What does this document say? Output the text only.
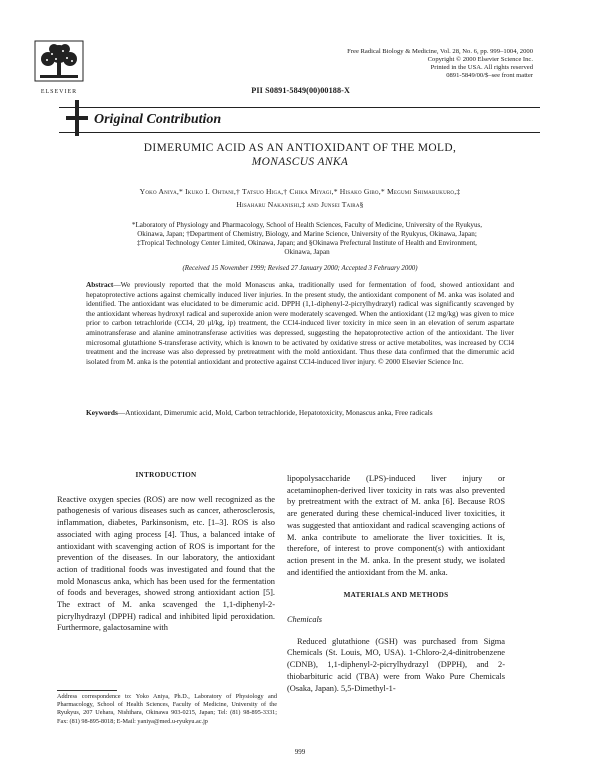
ELSEVIER
Free Radical Biology & Medicine, Vol. 28, No. 6, pp. 999–1004, 2000
Copyright © 2000 Elsevier Science Inc.
Printed in the USA. All rights reserved
0891-5849/00/$–see front matter
PII S0891-5849(00)00188-X
Original Contribution
DIMERUMIC ACID AS AN ANTIOXIDANT OF THE MOLD,
MONASCUS ANKA
Yoko Aniya,* Ikuko I. Ohtani,† Tatsuo Higa,† Chika Miyagi,* Hisako Gibo,* Megumi Shimabukuro,‡
Hisaharu Nakanishi,‡ and Junsei Taira§
*Laboratory of Physiology and Pharmacology, School of Health Sciences, Faculty of Medicine, University of the Ryukyus,
Okinawa, Japan; †Department of Chemistry, Biology, and Marine Science, University of the Ryukyus, Okinawa, Japan;
‡Tropical Technology Center Limited, Okinawa, Japan; and §Okinawa Prefectural Institute of Health and Environment,
Okinawa, Japan
(Received 15 November 1999; Revised 27 January 2000; Accepted 3 February 2000)
Abstract—We previously reported that the mold Monascus anka, traditionally used for fermentation of food, showed antioxidant and hepatoprotective actions against chemically induced liver injuries. In the present study, the antioxidant component of M. anka was isolated and identified. The antioxidant was elucidated to be dimerumic acid. DPPH (1,1-diphenyl-2-picrylhydrazyl) radical was significantly scavenged by the antioxidant whereas hydroxyl radical and superoxide anion were moderately scavenged. When the antioxidant (12 mg/kg) was given to mice prior to carbon tetrachloride (CCl4, 20 μl/kg, ip) treatment, the CCl4-induced liver toxicity in mice seen in an elevation of serum aspartate aminotransferase and alanine aminotransferase activities was depressed, suggesting the hepatoprotective action of the antioxidant. The liver microsomal glutathione S-transferase activity, which is known to be activated by oxidative stress or active metabolites, was increased by CCl4 treatment and the increase was also depressed by pretreatment with the mold antioxidant. Thus these data confirmed that the dimerumic acid isolated from M. anka is the potential antioxidant and protective against CCl4-induced liver injury. © 2000 Elsevier Science Inc.
Keywords—Antioxidant, Dimerumic acid, Mold, Carbon tetrachloride, Hepatotoxicity, Monascus anka, Free radicals
INTRODUCTION

Reactive oxygen species (ROS) are now well recognized as the pathogenesis of various diseases such as cancer, atherosclerosis, inflammation, diabetes, Parkinsonism, etc. [1–3]. ROS is also associated with aging process [4]. Thus, a balanced intake of antioxidant with scavenging action of ROS is important for the prevention of the diseases. In our laboratory, the antioxidant action of traditional foods was investigated and found that the mold Monascus anka, which has been used for the fermentation of foods and beverages, showed strong antioxidant action [5]. The extract of M. anka scavenged the 1,1-diphenyl-2-picrylhydrazyl (DPPH) radical and inhibited lipid peroxidation. Furthermore, galactosamine with

lipopolysaccharide (LPS)-induced liver injury or acetaminophen-derived liver toxicity in rats was also prevented by pretreatment with the extract of M. anka [6]. Because ROS are generated during these chemical-induced liver toxicities, it was suggested that antioxidant and radical scavenging actions of M. anka contribute to ameliorate the liver toxicities. It is, therefore, of interest to prove component(s) with antioxidant action present in the M. anka. In the present study, we isolated and identified the antioxidant from the M. anka.

MATERIALS AND METHODS
Chemicals

Reduced glutathione (GSH) was purchased from Sigma Chemicals (St. Louis, MO, USA). 1-Chloro-2,4-dinitrobenzene (CDNB), 1,1-diphenyl-2-picrylhydrazyl (DPPH), and 2-thiobarbituric acid (TBA) were from Wako Pure Chemicals (Osaka, Japan). 5,5-Dimethyl-1-

Address correspondence to: Yoko Aniya, Ph.D., Laboratory of Physiology and Pharmacology, School of Health Sciences, Faculty of Medicine, University of the Ryukyus, 207 Uehara, Nishihara, Okinawa 903-0215, Japan; Tel: (81) 98-895-3331; Fax: (81) 98-895-8018; E-Mail: yaniya@med.u-ryukyu.ac.jp
999
